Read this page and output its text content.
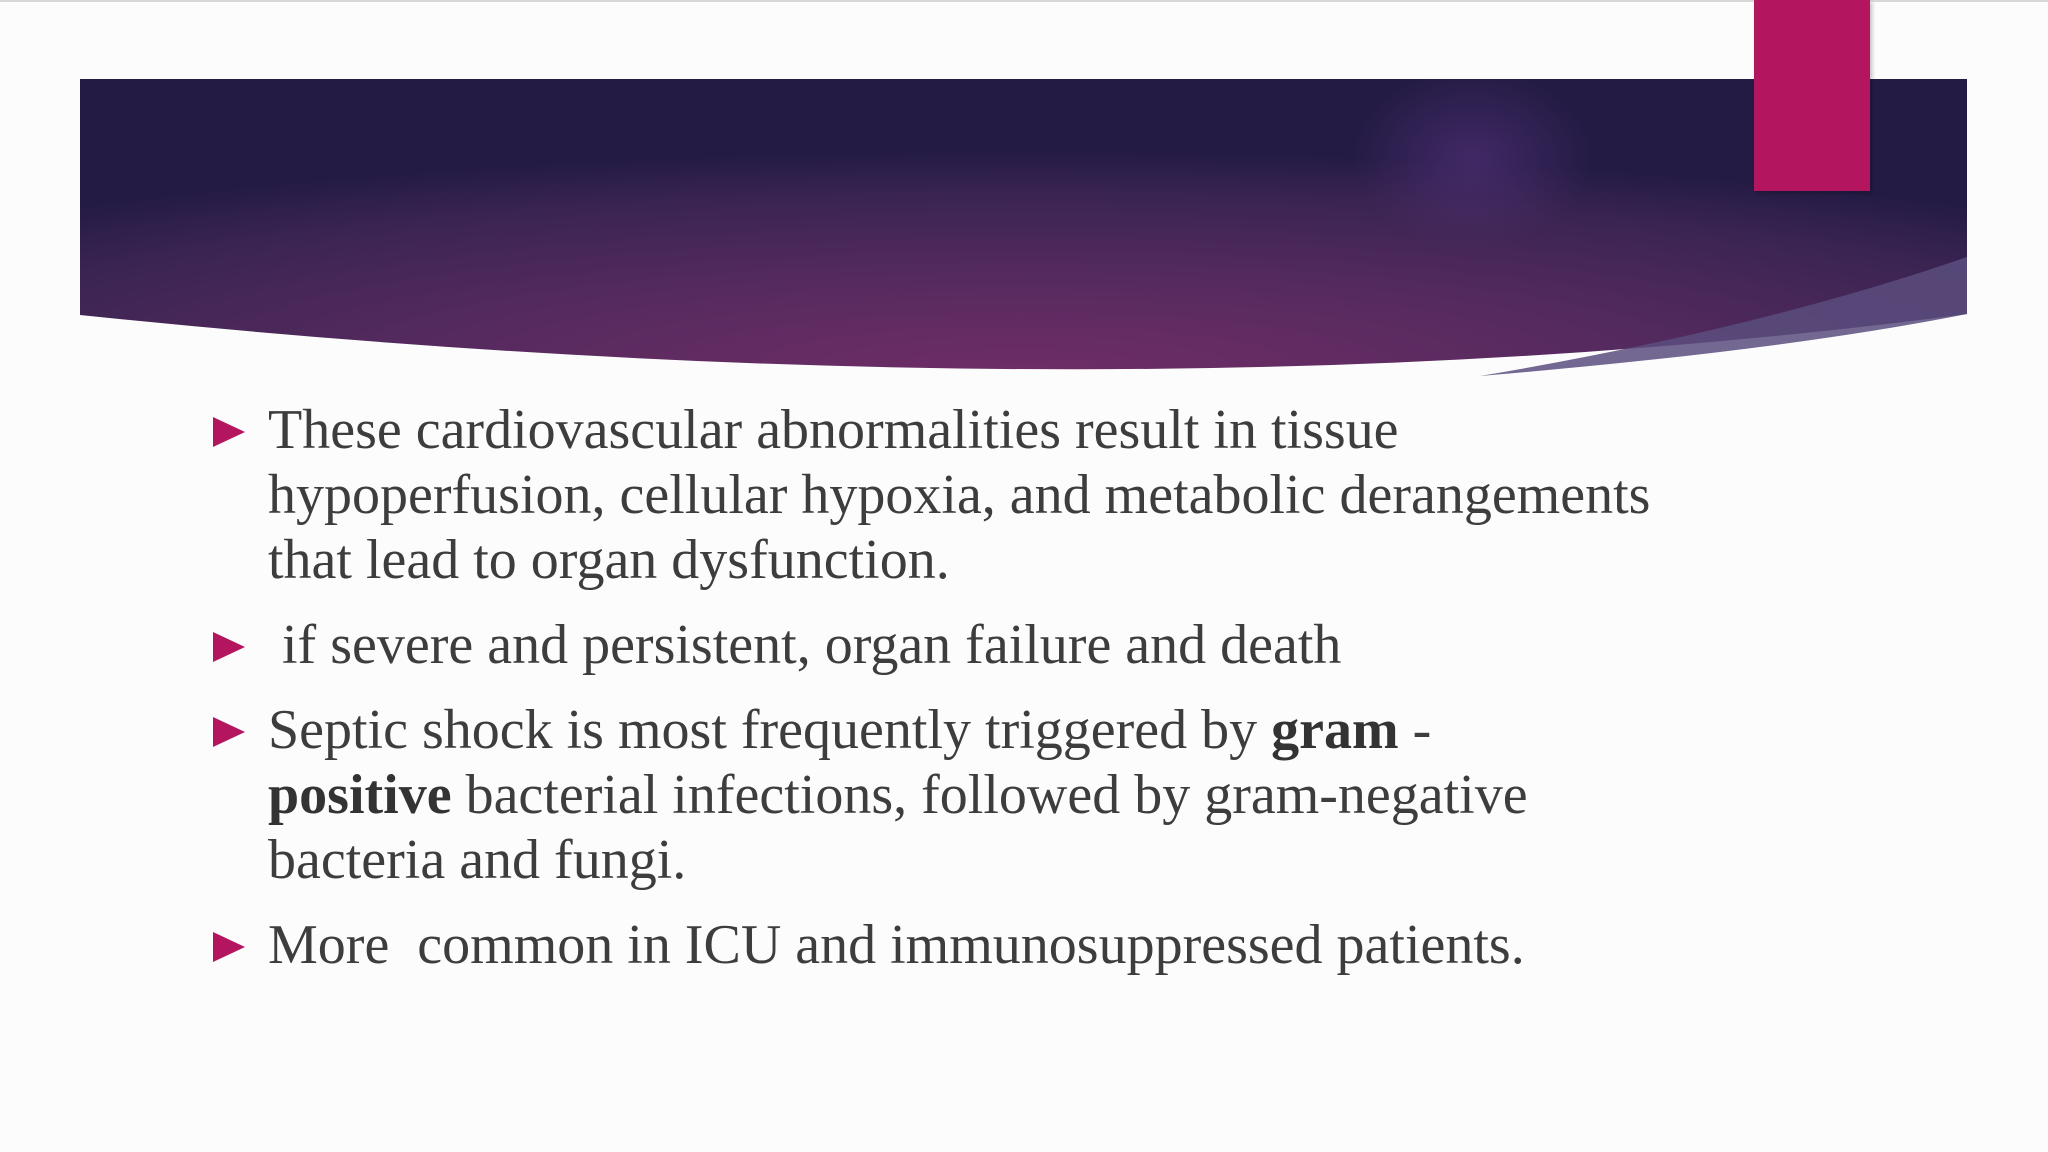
These cardiovascular abnormalities result in tissue hypoperfusion, cellular hypoxia, and metabolic derangements that lead to organ dysfunction.
if severe and persistent, organ failure and death
Septic shock is most frequently triggered by gram -
positive bacterial infections, followed by gram-negative bacteria and fungi.
More  common in ICU and immunosuppressed patients.
